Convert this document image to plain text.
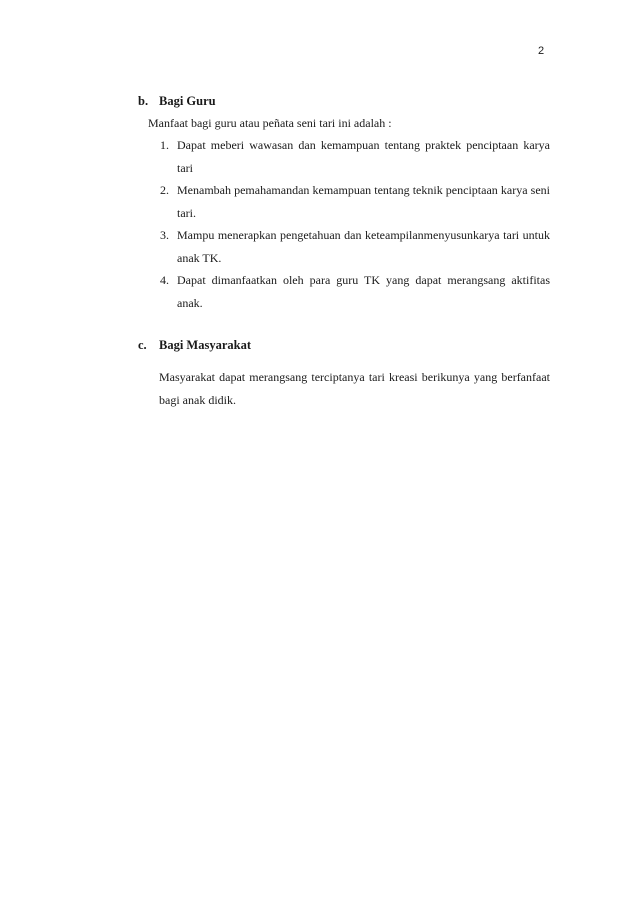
2
b. Bagi Guru
Manfaat bagi guru atau peñata seni tari ini adalah :
1. Dapat meberi wawasan dan kemampuan tentang praktek penciptaan karya tari
2. Menambah pemahamandan kemampuan tentang teknik penciptaan karya seni tari.
3. Mampu menerapkan pengetahuan dan keteampilanmenyusunkarya tari untuk anak TK.
4. Dapat dimanfaatkan oleh para guru TK yang dapat merangsang aktifitas anak.
c. Bagi Masyarakat

Masyarakat dapat merangsang terciptanya tari kreasi berikunya yang berfanfaat bagi anak didik.
